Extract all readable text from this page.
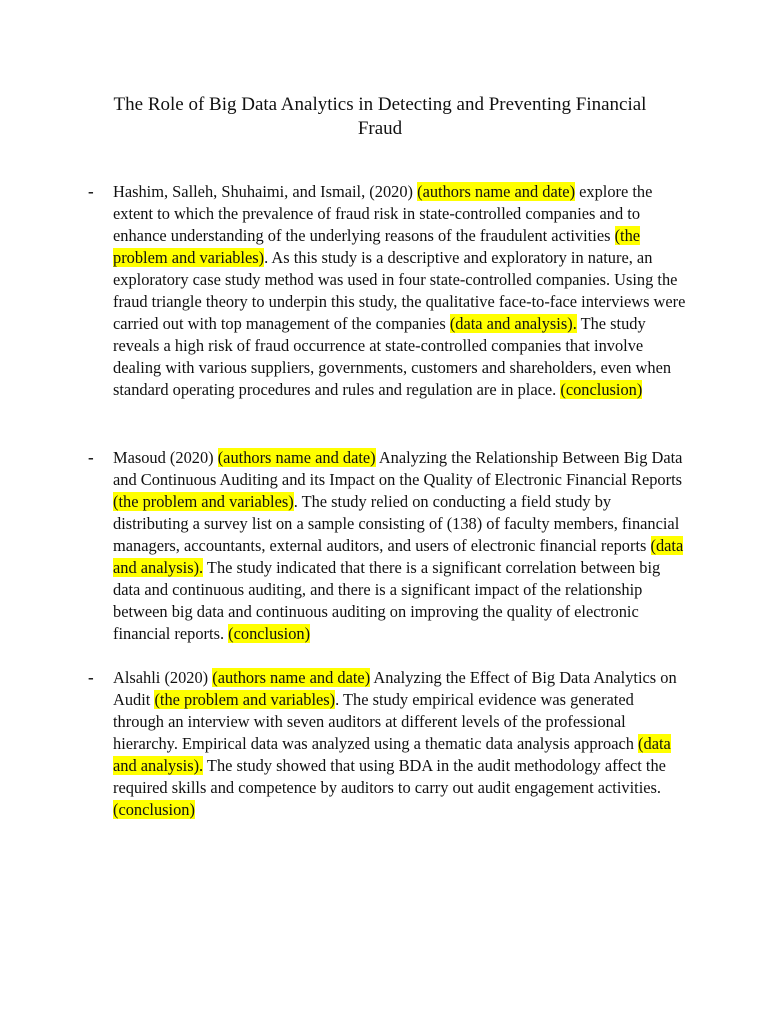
The Role of Big Data Analytics in Detecting and Preventing Financial Fraud
- Hashim, Salleh, Shuhaimi, and Ismail, (2020) (authors name and date) explore the extent to which the prevalence of fraud risk in state-controlled companies and to enhance understanding of the underlying reasons of the fraudulent activities (the problem and variables). As this study is a descriptive and exploratory in nature, an exploratory case study method was used in four state-controlled companies. Using the fraud triangle theory to underpin this study, the qualitative face-to-face interviews were carried out with top management of the companies (data and analysis). The study reveals a high risk of fraud occurrence at state-controlled companies that involve dealing with various suppliers, governments, customers and shareholders, even when standard operating procedures and rules and regulation are in place. (conclusion)

- Masoud (2020) (authors name and date) Analyzing the Relationship Between Big Data and Continuous Auditing and its Impact on the Quality of Electronic Financial Reports (the problem and variables). The study relied on conducting a field study by distributing a survey list on a sample consisting of (138) of faculty members, financial managers, accountants, external auditors, and users of electronic financial reports (data and analysis). The study indicated that there is a significant correlation between big data and continuous auditing, and there is a significant impact of the relationship between big data and continuous auditing on improving the quality of electronic financial reports. (conclusion)

- Alsahli (2020) (authors name and date) Analyzing the Effect of Big Data Analytics on Audit (the problem and variables). The study empirical evidence was generated through an interview with seven auditors at different levels of the professional hierarchy. Empirical data was analyzed using a thematic data analysis approach (data and analysis). The study showed that using BDA in the audit methodology affect the required skills and competence by auditors to carry out audit engagement activities. (conclusion)
